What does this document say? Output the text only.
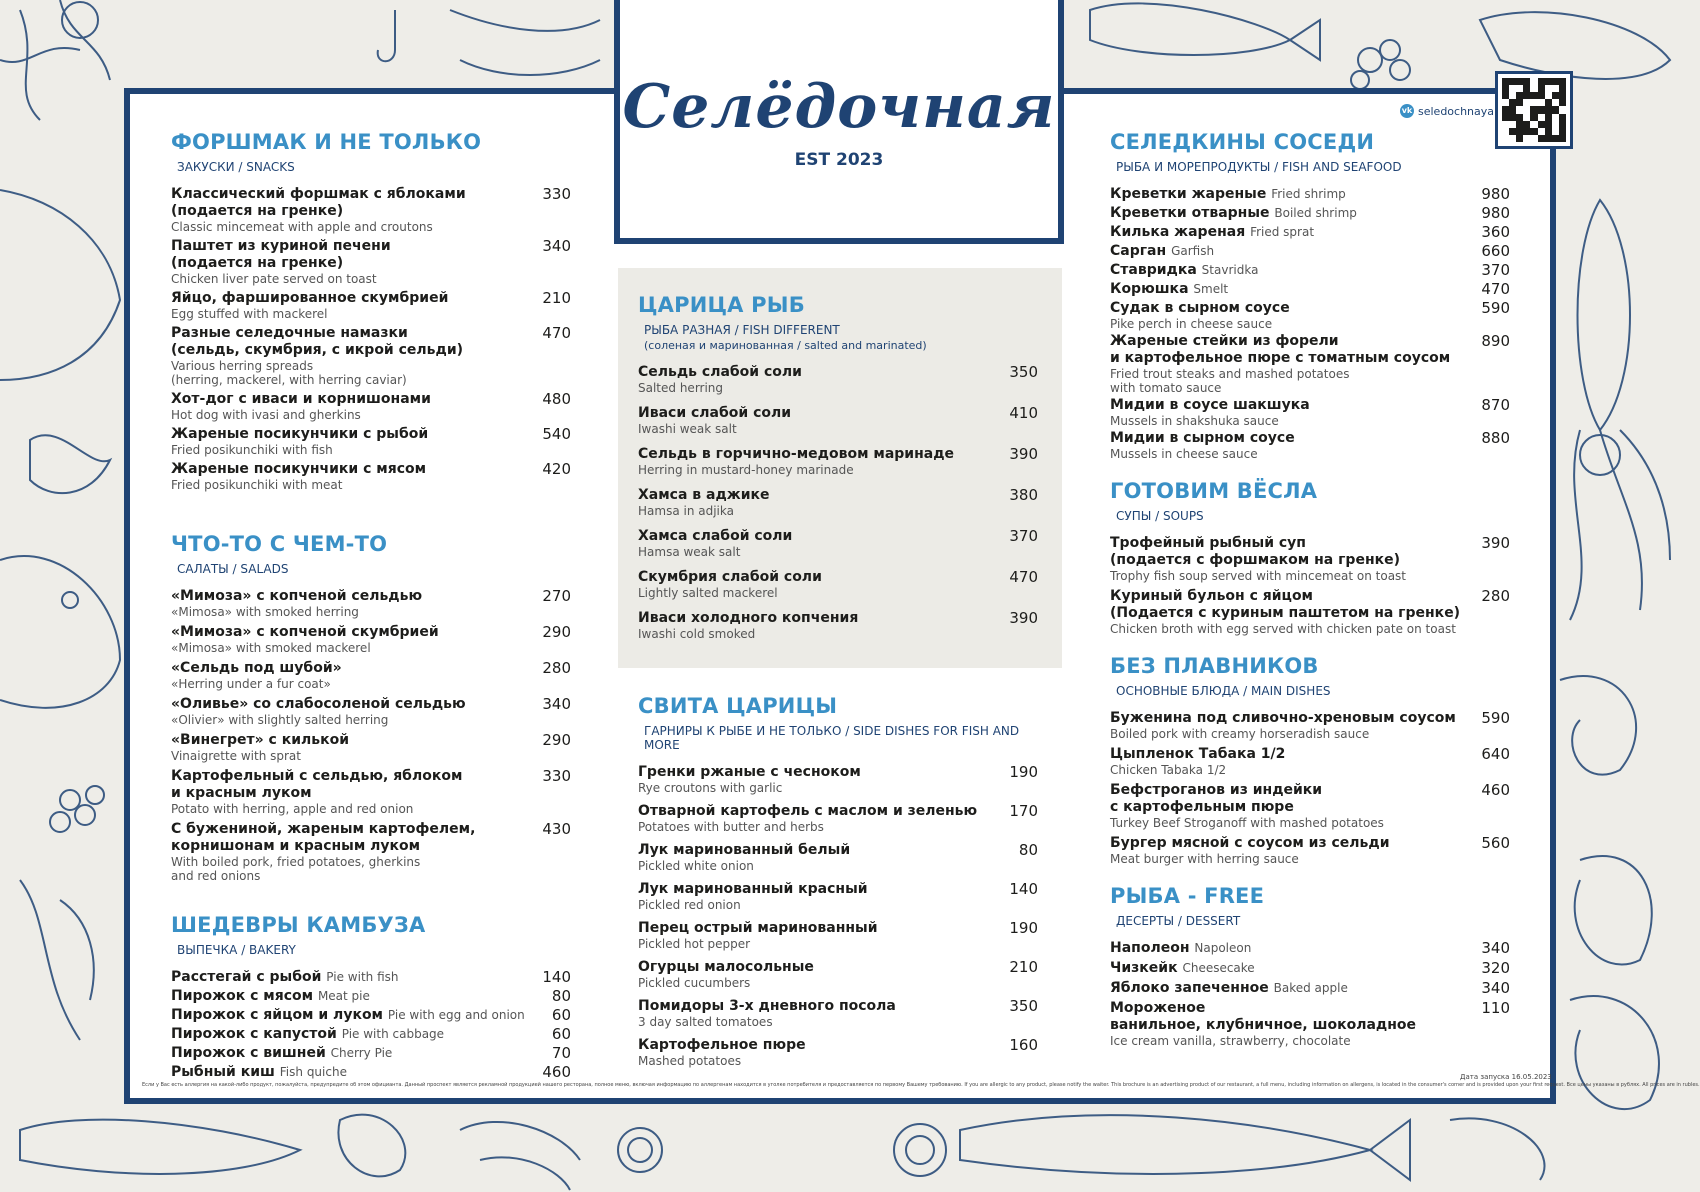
Селёдочная
EST 2023
vk seledochnaya
ФОРШМАК И НЕ ТОЛЬКО
ЗАКУСКИ / SNACKS
Классический форшмак с яблоками
(подается на гренке)
Classic mincemeat with apple and croutons
330
Паштет из куриной печени
(подается на гренке)
Chicken liver pate served on toast
340
Яйцо, фаршированное скумбрией
Egg stuffed with mackerel
210
Разные селедочные намазки
(сельдь, скумбрия, с икрой сельди)
Various herring spreads
(herring, mackerel, with herring caviar)
470
Хот-дог с иваси и корнишонами
Hot dog with ivasi and gherkins
480
Жареные посикунчики с рыбой
Fried posikunchiki with fish
540
Жареные посикунчики с мясом
Fried posikunchiki with meat
420
ЧТО-ТО С ЧЕМ-ТО
САЛАТЫ / SALADS
«Мимоза» с копченой сельдью
«Mimosa» with smoked herring
270
«Мимоза» с копченой скумбрией
«Mimosa» with smoked mackerel
290
«Сельдь под шубой»
«Herring under a fur coat»
280
«Оливье» со слабосоленой сельдью
«Olivier» with slightly salted herring
340
«Винегрет» с килькой
Vinaigrette with sprat
290
Картофельный с сельдью, яблоком
и красным луком
Potato with herring, apple and red onion
330
С бужениной, жареным картофелем,
корнишонам и красным луком
With boiled pork, fried potatoes, gherkins
and red onions
430
ШЕДЕВРЫ КАМБУЗА
ВЫПЕЧКА / BAKERY
Расстегай с рыбой Pie with fish	140
Пирожок с мясом Meat pie	80
Пирожок с яйцом и луком Pie with egg and onion	60
Пирожок с капустой Pie with cabbage	60
Пирожок с вишней Cherry Pie	70
Рыбный киш Fish quiche	460
ЦАРИЦА РЫБ
РЫБА РАЗНАЯ / FISH DIFFERENT
(соленая и маринованная / salted and marinated)
Сельдь слабой соли
Salted herring
350
Иваси слабой соли
Iwashi weak salt
410
Сельдь в горчично-медовом маринаде
Herring in mustard-honey marinade
390
Хамса в аджике
Hamsa in adjika
380
Хамса слабой соли
Hamsa weak salt
370
Скумбрия слабой соли
Lightly salted mackerel
470
Иваси холодного копчения
Iwashi cold smoked
390
СВИТА ЦАРИЦЫ
ГАРНИРЫ К РЫБЕ И НЕ ТОЛЬКО / SIDE DISHES FOR FISH AND MORE
Гренки ржаные с чесноком
Rye croutons with garlic
190
Отварной картофель с маслом и зеленью
Potatoes with butter and herbs
170
Лук маринованный белый
Pickled white onion
80
Лук маринованный красный
Pickled red onion
140
Перец острый маринованный
Pickled hot pepper
190
Огурцы малосольные
Pickled cucumbers
210
Помидоры 3-х дневного посола
3 day salted tomatoes
350
Картофельное пюре
Mashed potatoes
160
СЕЛЕДКИНЫ СОСЕДИ
РЫБА И МОРЕПРОДУКТЫ / FISH AND SEAFOOD
Креветки жареные Fried shrimp	980
Креветки отварные Boiled shrimp	980
Килька жареная Fried sprat	360
Сарган Garfish	660
Ставридка Stavridka	370
Корюшка Smelt	470
Судак в сырном соусе
Pike perch in cheese sauce
590
Жареные стейки из форели
и картофельное пюре с томатным соусом
Fried trout steaks and mashed potatoes
with tomato sauce
890
Мидии в соусе шакшука
Mussels in shakshuka sauce
870
Мидии в сырном соусе
Mussels in cheese sauce
880
ГОТОВИМ ВЁСЛА
СУПЫ / SOUPS
Трофейный рыбный суп
(подается с форшмаком на гренке)
Trophy fish soup served with mincemeat on toast
390
Куриный бульон с яйцом
(Подается с куриным паштетом на гренке)
Chicken broth with egg served with chicken pate on toast
280
БЕЗ ПЛАВНИКОВ
ОСНОВНЫЕ БЛЮДА / MAIN DISHES
Буженина под сливочно-хреновым соусом
Boiled pork with creamy horseradish sauce
590
Цыпленок Табака 1/2
Chicken Tabaka 1/2
640
Бефстроганов из индейки
с картофельным пюре
Turkey Beef Stroganoff with mashed potatoes
460
Бургер мясной с соусом из сельди
Meat burger with herring sauce
560
РЫБА - FREE
ДЕСЕРТЫ / DESSERT
Наполеон Napoleon	340
Чизкейк Cheesecake	320
Яблоко запеченное Baked apple	340
Мороженое
ванильное, клубничное, шоколадное
Ice cream vanilla, strawberry, chocolate
110
Дата запуска 16.05.2023
Если у Вас есть аллергия на какой-либо продукт, пожалуйста, предупредите об этом официанта. Данный проспект является рекламной продукцией нашего ресторана, полное меню, включая информацию по аллергенам находится в уголке потребителя и предоставляется по первому Вашему требованию. If you are allergic to any product, please notify the waiter. This brochure is an advertising product of our restaurant, a full menu, including information on allergens, is located in the consumer's corner and is provided upon your first request. Все цены указаны в рублях. All prices are in rubles.
